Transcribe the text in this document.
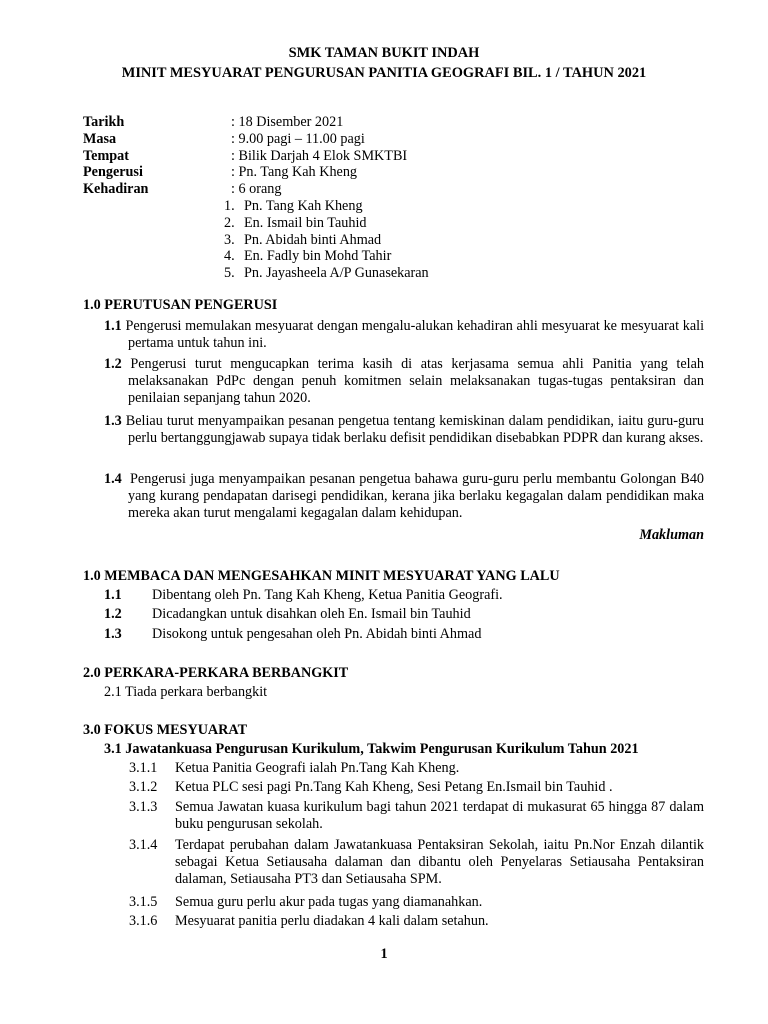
SMK TAMAN BUKIT INDAH
MINIT MESYUARAT PENGURUSAN PANITIA GEOGRAFI BIL. 1 / TAHUN 2021
Tarikh	: 18 Disember 2021
Masa	: 9.00 pagi – 11.00 pagi
Tempat	: Bilik Darjah 4 Elok SMKTBI
Pengerusi	: Pn. Tang Kah Kheng
Kehadiran	: 6 orang
1. Pn. Tang Kah Kheng
2. En. Ismail bin Tauhid
3. Pn. Abidah binti Ahmad
4. En. Fadly bin Mohd Tahir
5. Pn. Jayasheela A/P Gunasekaran
1.0 PERUTUSAN PENGERUSI
1.1 Pengerusi memulakan mesyuarat dengan mengalu-alukan kehadiran ahli mesyuarat ke mesyuarat kali pertama untuk tahun ini.
1.2 Pengerusi turut mengucapkan terima kasih di atas kerjasama semua ahli Panitia yang telah melaksanakan PdPc dengan penuh komitmen selain melaksanakan tugas-tugas pentaksiran dan penilaian sepanjang tahun 2020.
1.3 Beliau turut menyampaikan pesanan pengetua tentang kemiskinan dalam pendidikan, iaitu guru-guru perlu bertanggungjawab supaya tidak berlaku defisit pendidikan disebabkan PDPR dan kurang akses.
1.4 Pengerusi juga menyampaikan pesanan pengetua bahawa guru-guru perlu membantu Golongan B40 yang kurang pendapatan darisegi pendidikan, kerana jika berlaku kegagalan dalam pendidikan maka mereka akan turut mengalami kegagalan dalam kehidupan.
Makluman
1.0 MEMBACA DAN MENGESAHKAN MINIT MESYUARAT YANG LALU
1.1	Dibentang oleh Pn. Tang Kah Kheng, Ketua Panitia Geografi.
1.2	Dicadangkan untuk disahkan oleh En. Ismail bin Tauhid
1.3	Disokong untuk pengesahan oleh Pn. Abidah binti Ahmad
2.0 PERKARA-PERKARA BERBANGKIT
2.1 Tiada perkara berbangkit
3.0 FOKUS MESYUARAT
3.1 Jawatankuasa Pengurusan Kurikulum, Takwim Pengurusan Kurikulum Tahun 2021
3.1.1	Ketua Panitia Geografi ialah Pn.Tang Kah Kheng.
3.1.2	Ketua PLC sesi pagi Pn.Tang Kah Kheng, Sesi Petang En.Ismail bin Tauhid .
3.1.3	Semua Jawatan kuasa kurikulum bagi tahun 2021 terdapat di mukasurat 65 hingga 87 dalam buku pengurusan sekolah.
3.1.4	Terdapat perubahan dalam Jawatankuasa Pentaksiran Sekolah, iaitu Pn.Nor Enzah dilantik sebagai Ketua Setiausaha dalaman dan dibantu oleh Penyelaras Setiausaha Pentaksiran dalaman, Setiausaha PT3 dan Setiausaha SPM.
3.1.5	Semua guru perlu akur pada tugas yang diamanahkan.
3.1.6	Mesyuarat panitia perlu diadakan 4 kali dalam setahun.
1
